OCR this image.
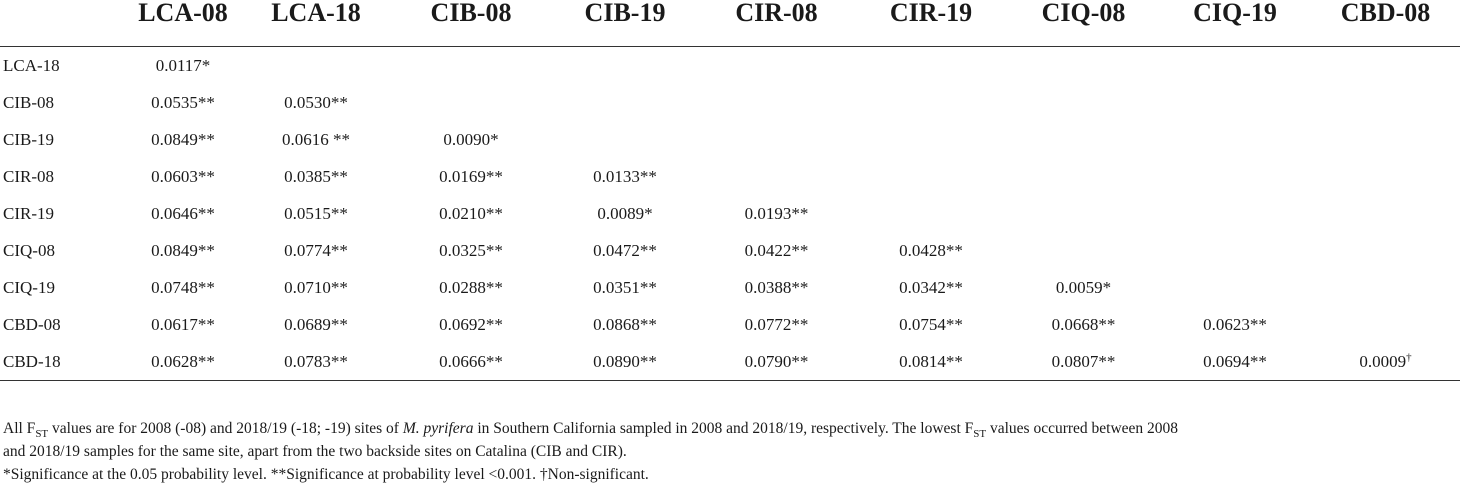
	LCA-08	LCA-18	CIB-08	CIB-19	CIR-08	CIR-19	CIQ-08	CIQ-19	CBD-08
LCA-18	0.0117*								
CIB-08	0.0535**	0.0530**							
CIB-19	0.0849**	0.0616 **	0.0090*						
CIR-08	0.0603**	0.0385**	0.0169**	0.0133**					
CIR-19	0.0646**	0.0515**	0.0210**	0.0089*	0.0193**				
CIQ-08	0.0849**	0.0774**	0.0325**	0.0472**	0.0422**	0.0428**			
CIQ-19	0.0748**	0.0710**	0.0288**	0.0351**	0.0388**	0.0342**	0.0059*		
CBD-08	0.0617**	0.0689**	0.0692**	0.0868**	0.0772**	0.0754**	0.0668**	0.0623**	
CBD-18	0.0628**	0.0783**	0.0666**	0.0890**	0.0790**	0.0814**	0.0807**	0.0694**	0.0009†

All $F_{ST}$ values are for 2008 (-08) and 2018/19 (-18; -19) sites of M. pyrifera in Southern California sampled in 2008 and 2018/19, respectively. The lowest $F_{ST}$ values occurred between 2008

and 2018/19 samples for the same site, apart from the two backside sites on Catalina (CIB and CIR).

*Significance at the 0.05 probability level. **Significance at probability level <0.001. †Non-significant.
